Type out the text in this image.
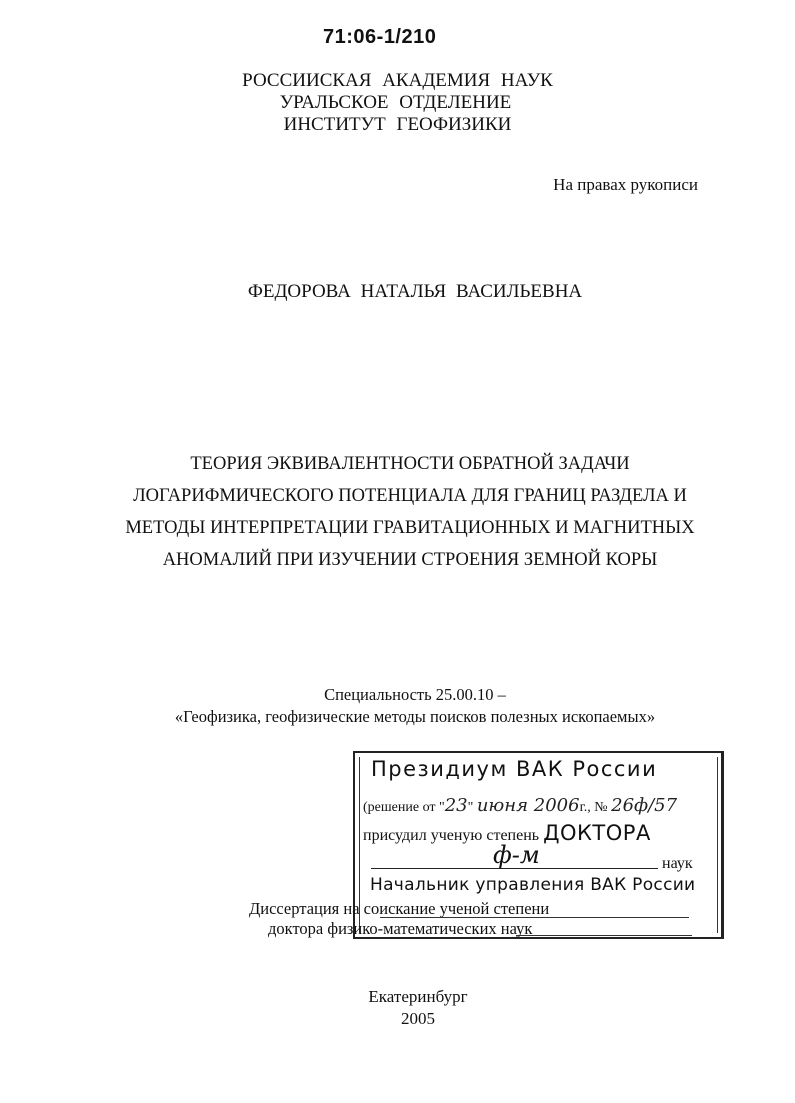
71:06-1/210
РОССИИСКАЯ АКАДЕМИЯ НАУК
УРАЛЬСКОЕ ОТДЕЛЕНИЕ
ИНСТИТУТ ГЕОФИЗИКИ
На правах рукописи
ФЕДОРОВА НАТАЛЬЯ ВАСИЛЬЕВНА
ТЕОРИЯ ЭКВИВАЛЕНТНОСТИ ОБРАТНОЙ ЗАДАЧИ
ЛОГАРИФМИЧЕСКОГО ПОТЕНЦИАЛА ДЛЯ ГРАНИЦ РАЗДЕЛА И
МЕТОДЫ ИНТЕРПРЕТАЦИИ ГРАВИТАЦИОННЫХ И МАГНИТНЫХ
АНОМАЛИЙ ПРИ ИЗУЧЕНИИ СТРОЕНИЯ ЗЕМНОЙ КОРЫ
Специальность 25.00.10 –
«Геофизика, геофизические методы поисков полезных ископаемых»
Президиум ВАК России
(решение от "23" июня 2006г., № 26ф/57
присудил ученую степень ДОКТОРА
ф-м	наук
Начальник управления ВАК России
Диссертация на соискание ученой степени
доктора физико-математических наук
Екатеринбург
2005
